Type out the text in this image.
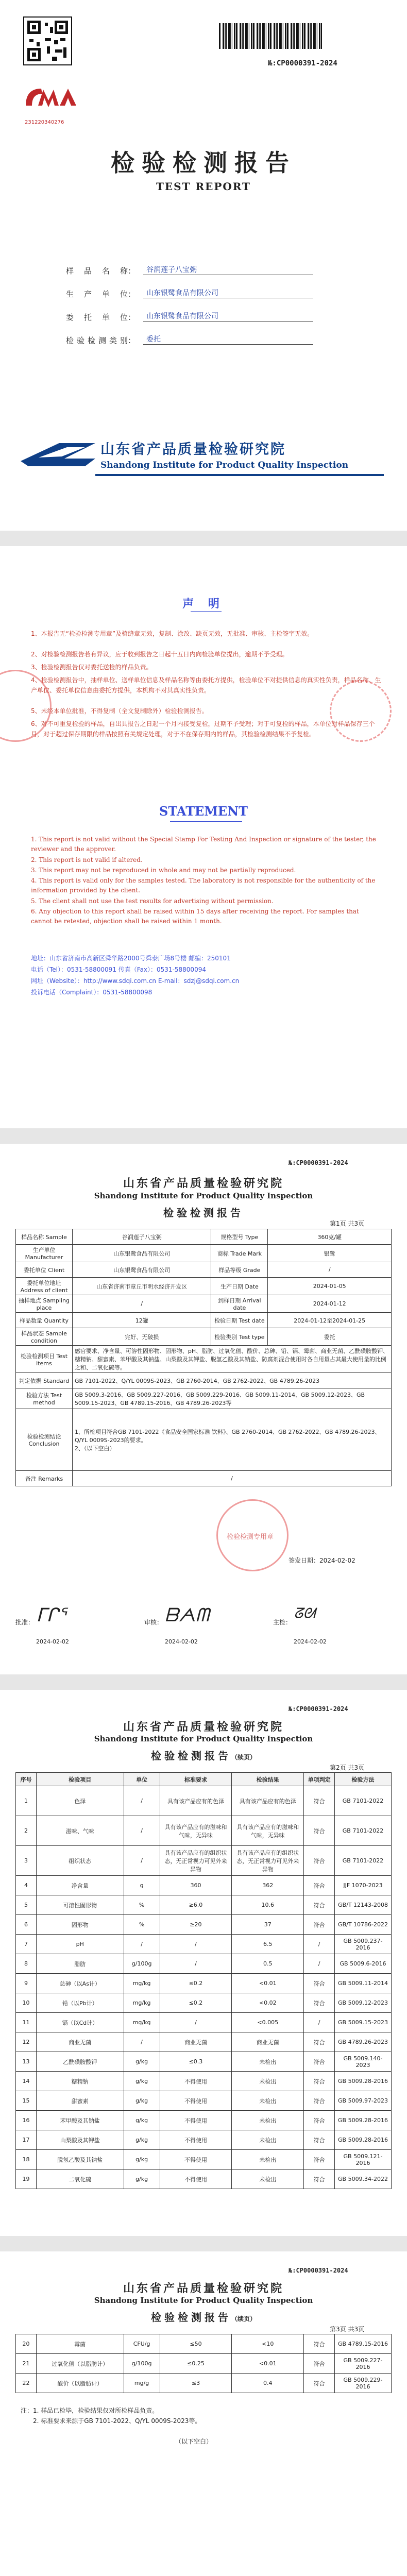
231220340276
№:CP0000391-2024
检验检测报告
TEST REPORT
样品名称：	谷润莲子八宝粥
生产单位：	山东银鹭食品有限公司
委托单位：	山东银鹭食品有限公司
检验检测类别：	委托
山东省产品质量检验研究院
Shandong Institute for Product Quality Inspection
声 明
1、本报告无“检验检测专用章”及骑缝章无效，复制、涂改、缺页无效，无批准、审核、主检签字无效。
2、对检验检测报告若有异议，应于收到报告之日起十五日内向检验单位提出，逾期不予受理。
3、检验检测报告仅对委托送检的样品负责。
4、检验检测报告中，抽样单位、送样单位信息及样品名称等由委托方提供，检验单位不对提供信息的真实性负责，样品名称、生产单位、委托单位信息由委托方提供，本机构不对其真实性负责。
5、未经本单位批准，不得复制（全文复制除外）检验检测报告。
6、对不可重复检验的样品，自出具报告之日起一个月内接受复检，过期不予受理；对于可复检的样品，本单位对样品保存三个月，对于超过保存期限的样品按照有关规定处理，对于不在保存期内的样品，其检验检测结果不予复检。
STATEMENT
1. This report is not valid without the Special Stamp For Testing And Inspection or signature of the tester, the reviewer and the approver.
2. This report is not valid if altered.
3. This report may not be reproduced in whole and may not be partially reproduced.
4. This report is valid only for the samples tested. The laboratory is not responsible for the authenticity of the information provided by the client.
5. The client shall not use the test results for advertising without permission.
6. Any objection to this report shall be raised within 15 days after receiving the report. For samples that cannot be retested, objection shall be raised within 1 month.
地址：山东省济南市高新区舜华路2000号舜泰广场8号楼 邮编：250101
电话（Tel）：0531-58800091 传真（Fax）：0531-58800094
网址（Website）：http://www.sdqi.com.cn E-mail：sdzj@sdqi.com.cn
投诉电话（Complaint）：0531-58800098
№:CP0000391-2024
山东省产品质量检验研究院
Shandong Institute for Product Quality Inspection
检验检测报告
第1页 共3页
样品名称 Sample	谷润莲子八宝粥	规格型号 Type	360克/罐
生产单位 Manufacturer	山东银鹭食品有限公司	商标 Trade Mark	银鹭
委托单位 Client	山东银鹭食品有限公司	样品等级 Grade	/
委托单位地址 Address of client	山东省济南市章丘市明水经济开发区	生产日期 Date	2024-01-05
抽样地点 Sampling place	/	到样日期 Arrival date	2024-01-12
样品数量 Quantity	12罐	检验日期 Test date	2024-01-12至2024-01-25
样品状态 Sample condition	完好、无破损	检验类别 Test type	委托
检验检测项目 Test items	感官要求、净含量、可溶性固形物、固形物、pH、脂肪、过氧化值、酸价、总砷、铅、镉、霉菌、商业无菌、乙酰磺胺酸钾、糖精钠、甜蜜素、苯甲酸及其钠盐、山梨酸及其钾盐、脱氢乙酸及其钠盐、防腐剂混合使用时各自用量占其最大使用量的比例之和、二氧化硫等。		
判定依据 Standard	GB 7101-2022、Q/YL 0009S-2023、GB 2760-2014、GB 2762-2022、GB 4789.26-2023		
检验方法 Test method	GB 5009.3-2016、GB 5009.227-2016、GB 5009.229-2016、GB 5009.11-2014、GB 5009.12-2023、GB 5009.15-2023、GB 4789.15-2016、GB 4789.26-2023等		
检验检测结论 Conclusion	1、所检项目符合GB 7101-2022《食品安全国家标准 饮料》、GB 2760-2014、GB 2762-2022、GB 4789.26-2023、Q/YL 0009S-2023的要求。
2、（以下空白）		
备注 Remarks	/		
检验检测专用章
签发日期：2024-02-02
批准： ᒥᒋᕐ	审核： ᗷᗅᗰ	主检：
ᘔᘛ
2024-02-02	2024-02-02	2024-02-02
№:CP0000391-2024
山东省产品质量检验研究院
Shandong Institute for Product Quality Inspection
检验检测报告（续页）
第2页 共3页
序号	检验项目	单位	标准要求	检验结果	单项判定	检验方法
1	色泽	/	具有该产品应有的色泽	具有该产品应有的色泽	符合	GB 7101-2022
2	滋味、气味	/	具有该产品应有的滋味和气味，无异味	具有该产品应有的滋味和气味，无异味	符合	GB 7101-2022
3	组织状态	/	具有该产品应有的组织状态，无正常视力可见外来异物	具有该产品应有的组织状态，无正常视力可见外来异物	符合	GB 7101-2022
4	净含量	g	360	362	符合	JJF 1070-2023
5	可溶性固形物	%	≥6.0	10.6	符合	GB/T 12143-2008
6	固形物	%	≥20	37	符合	GB/T 10786-2022
7	pH	/	/	6.5	/	GB 5009.237-2016
8	脂肪	g/100g	/	0.5	/	GB 5009.6-2016
9	总砷（以As计）	mg/kg	≤0.2	<0.01	符合	GB 5009.11-2014
10	铅（以Pb计）	mg/kg	≤0.2	<0.02	符合	GB 5009.12-2023
11	镉（以Cd计）	mg/kg	/	<0.005	/	GB 5009.15-2023
12	商业无菌	/	商业无菌	商业无菌	符合	GB 4789.26-2023
13	乙酰磺胺酸钾	g/kg	≤0.3	未检出	符合	GB 5009.140-2023
14	糖精钠	g/kg	不得使用	未检出	符合	GB 5009.28-2016
15	甜蜜素	g/kg	不得使用	未检出	符合	GB 5009.97-2023
16	苯甲酸及其钠盐	g/kg	不得使用	未检出	符合	GB 5009.28-2016
17	山梨酸及其钾盐	g/kg	不得使用	未检出	符合	GB 5009.28-2016
18	脱氢乙酸及其钠盐	g/kg	不得使用	未检出	符合	GB 5009.121-2016
19	二氧化硫	g/kg	不得使用	未检出	符合	GB 5009.34-2022
№:CP0000391-2024
山东省产品质量检验研究院
Shandong Institute for Product Quality Inspection
检验检测报告（续页）
第3页 共3页
20	霉菌	CFU/g	≤50	<10	符合	GB 4789.15-2016
21	过氧化值（以脂肪计）	g/100g	≤0.25	<0.01	符合	GB 5009.227-2016
22	酸价（以脂肪计）	mg/g	≤3	0.4	符合	GB 5009.229-2016
注：1. 样品已检毕，检验结果仅对所检样品负责。
2. 标准要求来源于GB 7101-2022、Q/YL 0009S-2023等。
（以下空白）
